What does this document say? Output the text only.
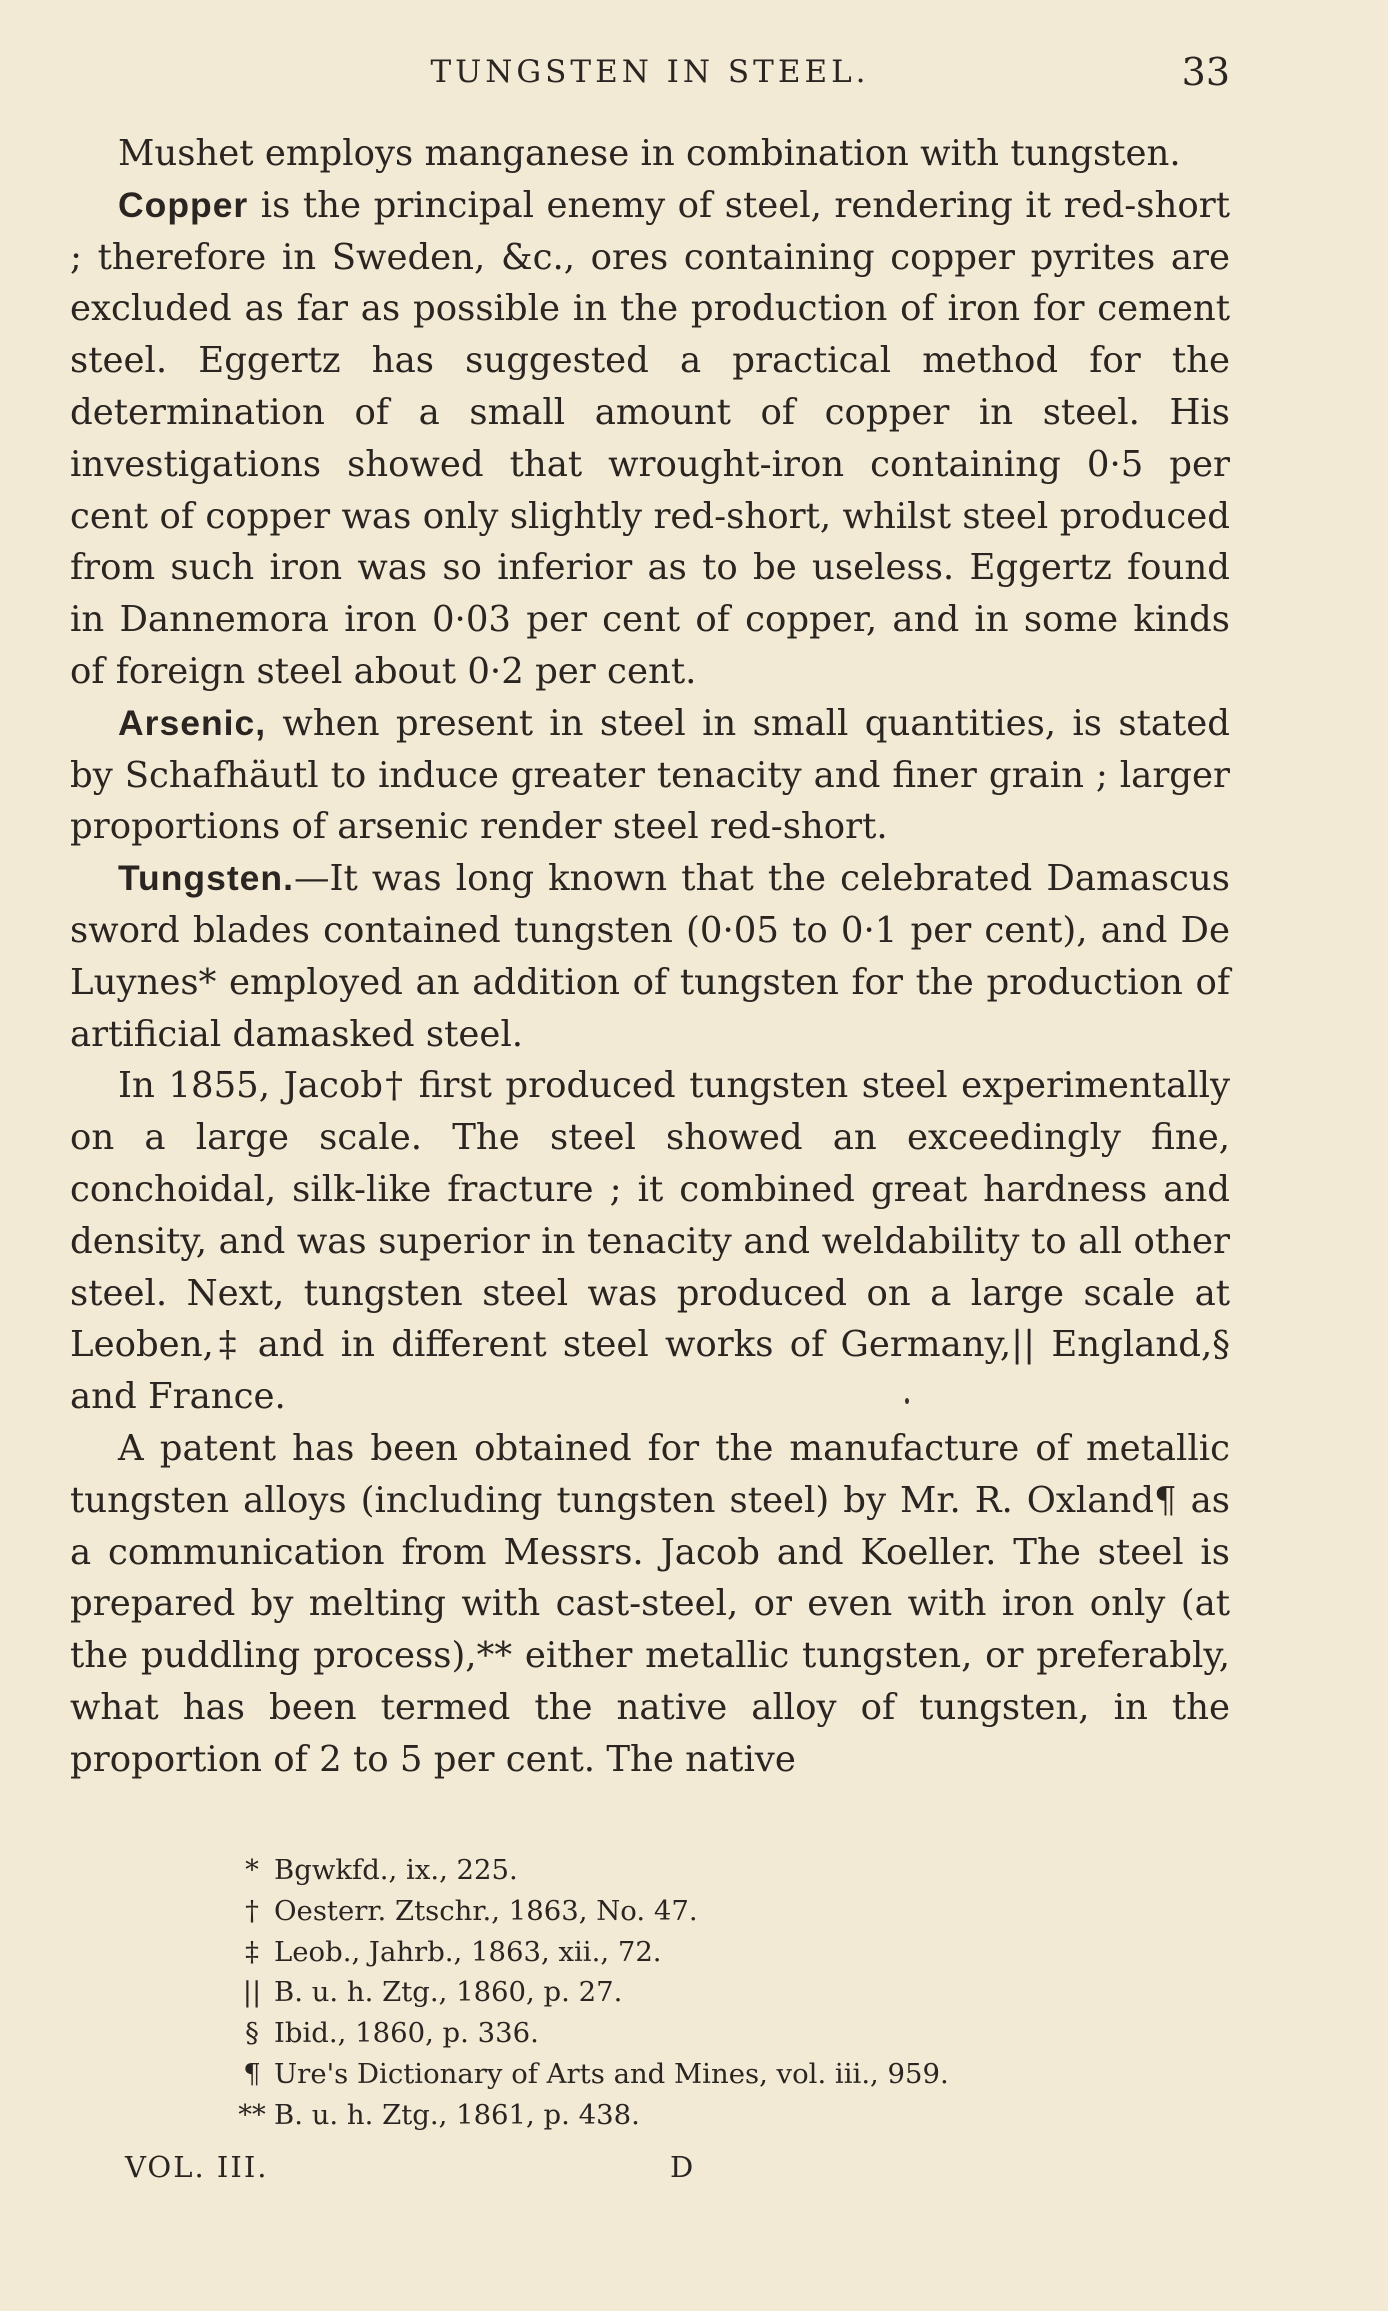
TUNGSTEN IN STEEL.	33

Mushet employs manganese in combination with tungsten.

Copper is the principal enemy of steel, rendering it red-short ; therefore in Sweden, &c., ores containing copper pyrites are excluded as far as possible in the production of iron for cement steel. Eggertz has suggested a practical method for the determination of a small amount of copper in steel. His investigations showed that wrought-iron containing 0·5 per cent of copper was only slightly red-short, whilst steel produced from such iron was so inferior as to be useless. Eggertz found in Dannemora iron 0·03 per cent of copper, and in some kinds of foreign steel about 0·2 per cent.

Arsenic, when present in steel in small quantities, is stated by Schafhäutl to induce greater tenacity and finer grain ; larger proportions of arsenic render steel red-short.

Tungsten.—It was long known that the celebrated Damascus sword blades contained tungsten (0·05 to 0·1 per cent), and De Luynes* employed an addition of tungsten for the production of artificial damasked steel.

In 1855, Jacob† first produced tungsten steel experimentally on a large scale. The steel showed an exceedingly fine, conchoidal, silk-like fracture ; it combined great hardness and density, and was superior in tenacity and weldability to all other steel. Next, tungsten steel was produced on a large scale at Leoben,‡ and in different steel works of Germany,|| England,§ and France.

A patent has been obtained for the manufacture of metallic tungsten alloys (including tungsten steel) by Mr. R. Oxland¶ as a communication from Messrs. Jacob and Koeller. The steel is prepared by melting with cast-steel, or even with iron only (at the puddling process),** either metallic tungsten, or preferably, what has been termed the native alloy of tungsten, in the proportion of 2 to 5 per cent. The native

* Bgwkfd., ix., 225.
† Oesterr. Ztschr., 1863, No. 47.
‡ Leob., Jahrb., 1863, xii., 72.
|| B. u. h. Ztg., 1860, p. 27.
§ Ibid., 1860, p. 336.
¶ Ure's Dictionary of Arts and Mines, vol. iii., 959.
** B. u. h. Ztg., 1861, p. 438.
VOL. III.	D
